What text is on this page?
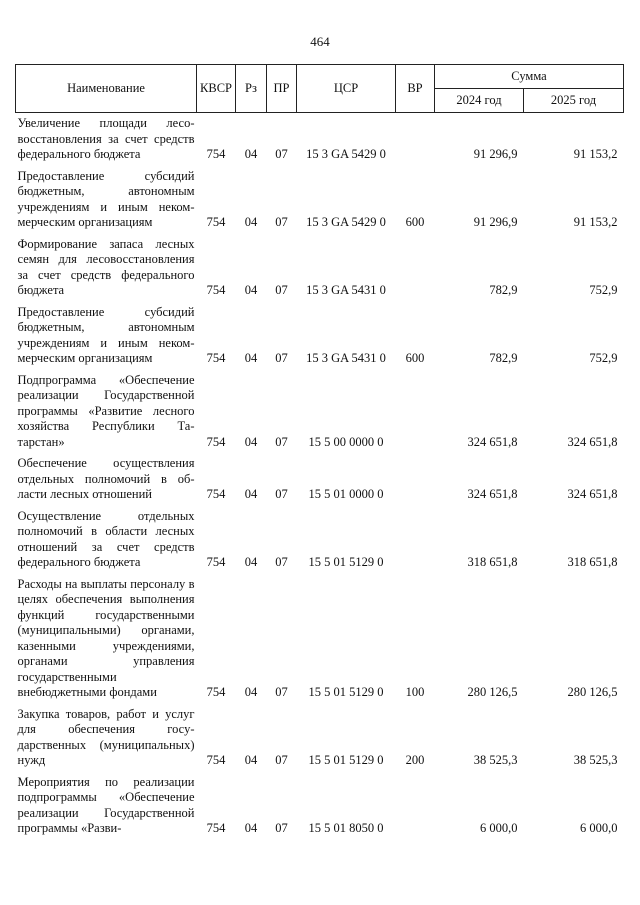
464
Наименование	КВСР	Рз	ПР	ЦСР	ВР	Сумма	
						2024 год	2025 год
Увеличение площади лесовосстановления за счет средств федерального бюджета	754	04	07	15 3 GA 5429 0		91 296,9	91 153,2
Предоставление субсидий бюджетным, автономным учреждениям и иным некоммерческим организациям	754	04	07	15 3 GA 5429 0	600	91 296,9	91 153,2
Формирование запаса лесных семян для лесовосстановления за счет средств федерального бюджета	754	04	07	15 3 GA 5431 0		782,9	752,9
Предоставление субсидий бюджетным, автономным учреждениям и иным некоммерческим организациям	754	04	07	15 3 GA 5431 0	600	782,9	752,9
Подпрограмма «Обеспечение реализации Государственной программы «Развитие лесного хозяйства Республики Татарстан»	754	04	07	15 5 00 0000 0		324 651,8	324 651,8
Обеспечение осуществления отдельных полномочий в области лесных отношений	754	04	07	15 5 01 0000 0		324 651,8	324 651,8
Осуществление отдельных полномочий в области лесных отношений за счет средств федерального бюджета	754	04	07	15 5 01 5129 0		318 651,8	318 651,8
Расходы на выплаты персоналу в целях обеспечения выполнения функций государственными (муниципальными) органами, казенными учреждениями, органами управления государственными внебюджетными фондами	754	04	07	15 5 01 5129 0	100	280 126,5	280 126,5
Закупка товаров, работ и услуг для обеспечения государственных (муниципальных) нужд	754	04	07	15 5 01 5129 0	200	38 525,3	38 525,3
Мероприятия по реализации подпрограммы «Обеспечение реализации Государственной программы «Разви-	754	04	07	15 5 01 8050 0		6 000,0	6 000,0
